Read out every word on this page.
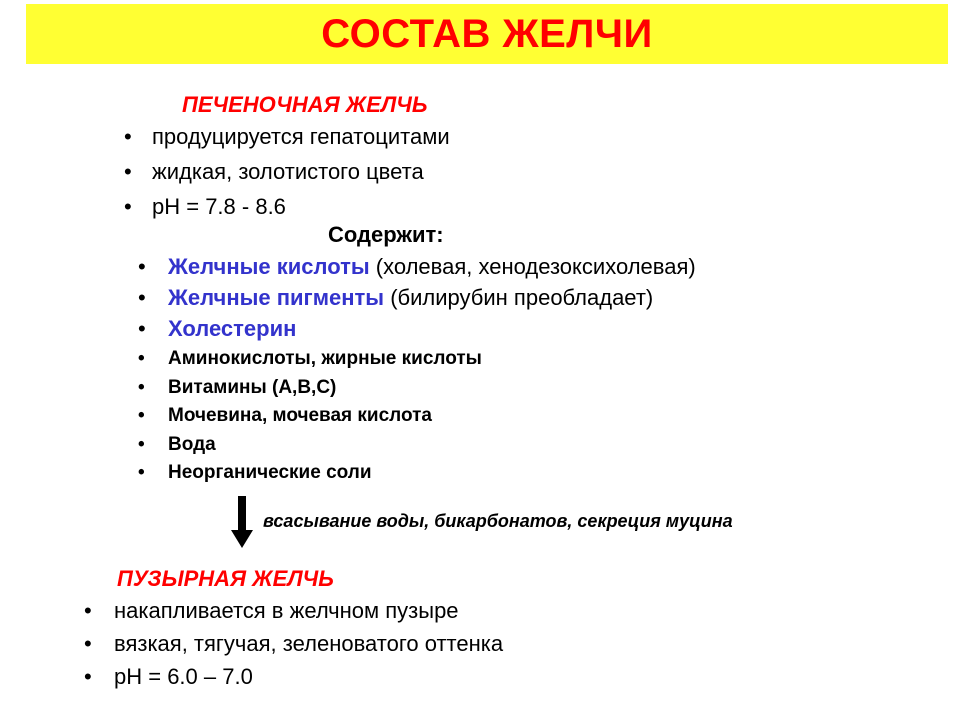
СОСТАВ ЖЕЛЧИ
ПЕЧЕНОЧНАЯ ЖЕЛЧЬ
• продуцируется гепатоцитами
• жидкая, золотистого цвета
• pH = 7.8 - 8.6
Содержит:
• Желчные кислоты (холевая, хенодезоксихолевая)
• Желчные пигменты (билирубин преобладает)
• Холестерин
• Аминокислоты, жирные кислоты
• Витамины (A,B,C)
• Мочевина, мочевая кислота
• Вода
• Неорганические соли
всасывание воды, бикарбонатов, секреция муцина
ПУЗЫРНАЯ ЖЕЛЧЬ
• накапливается в желчном пузыре
• вязкая, тягучая, зеленоватого оттенка
• pH = 6.0 – 7.0
